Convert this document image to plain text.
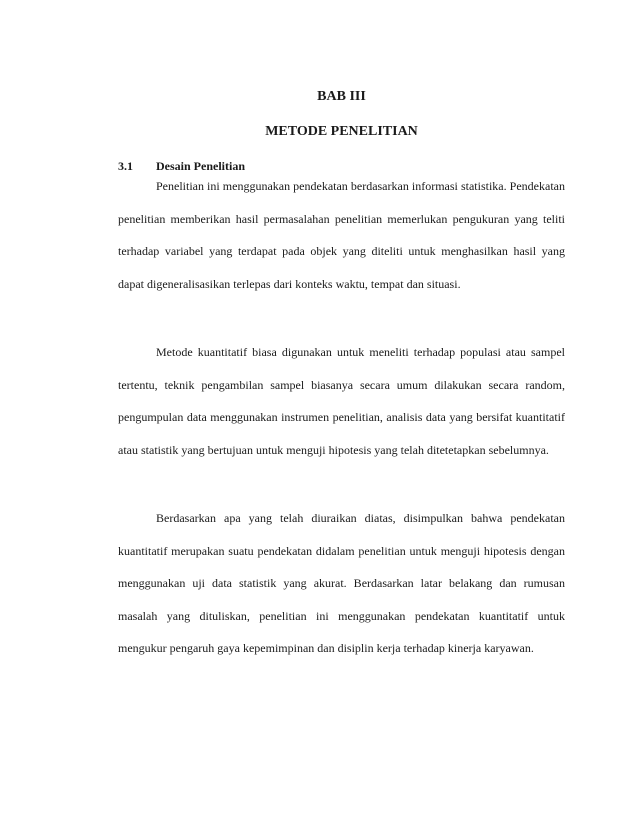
BAB III
METODE PENELITIAN
3.1 Desain Penelitian

Penelitian ini menggunakan pendekatan berdasarkan informasi statistika. Pendekatan penelitian memberikan hasil permasalahan penelitian memerlukan pengukuran yang teliti terhadap variabel yang terdapat pada objek yang diteliti untuk menghasilkan hasil yang dapat digeneralisasikan terlepas dari konteks waktu, tempat dan situasi.

Metode kuantitatif biasa digunakan untuk meneliti terhadap populasi atau sampel tertentu, teknik pengambilan sampel biasanya secara umum dilakukan secara random, pengumpulan data menggunakan instrumen penelitian, analisis data yang bersifat kuantitatif atau statistik yang bertujuan untuk menguji hipotesis yang telah ditetetapkan sebelumnya.

Berdasarkan apa yang telah diuraikan diatas, disimpulkan bahwa pendekatan kuantitatif merupakan suatu pendekatan didalam penelitian untuk menguji hipotesis dengan menggunakan uji data statistik yang akurat. Berdasarkan latar belakang dan rumusan masalah yang dituliskan, penelitian ini menggunakan pendekatan kuantitatif untuk mengukur pengaruh gaya kepemimpinan dan disiplin kerja terhadap kinerja karyawan.
